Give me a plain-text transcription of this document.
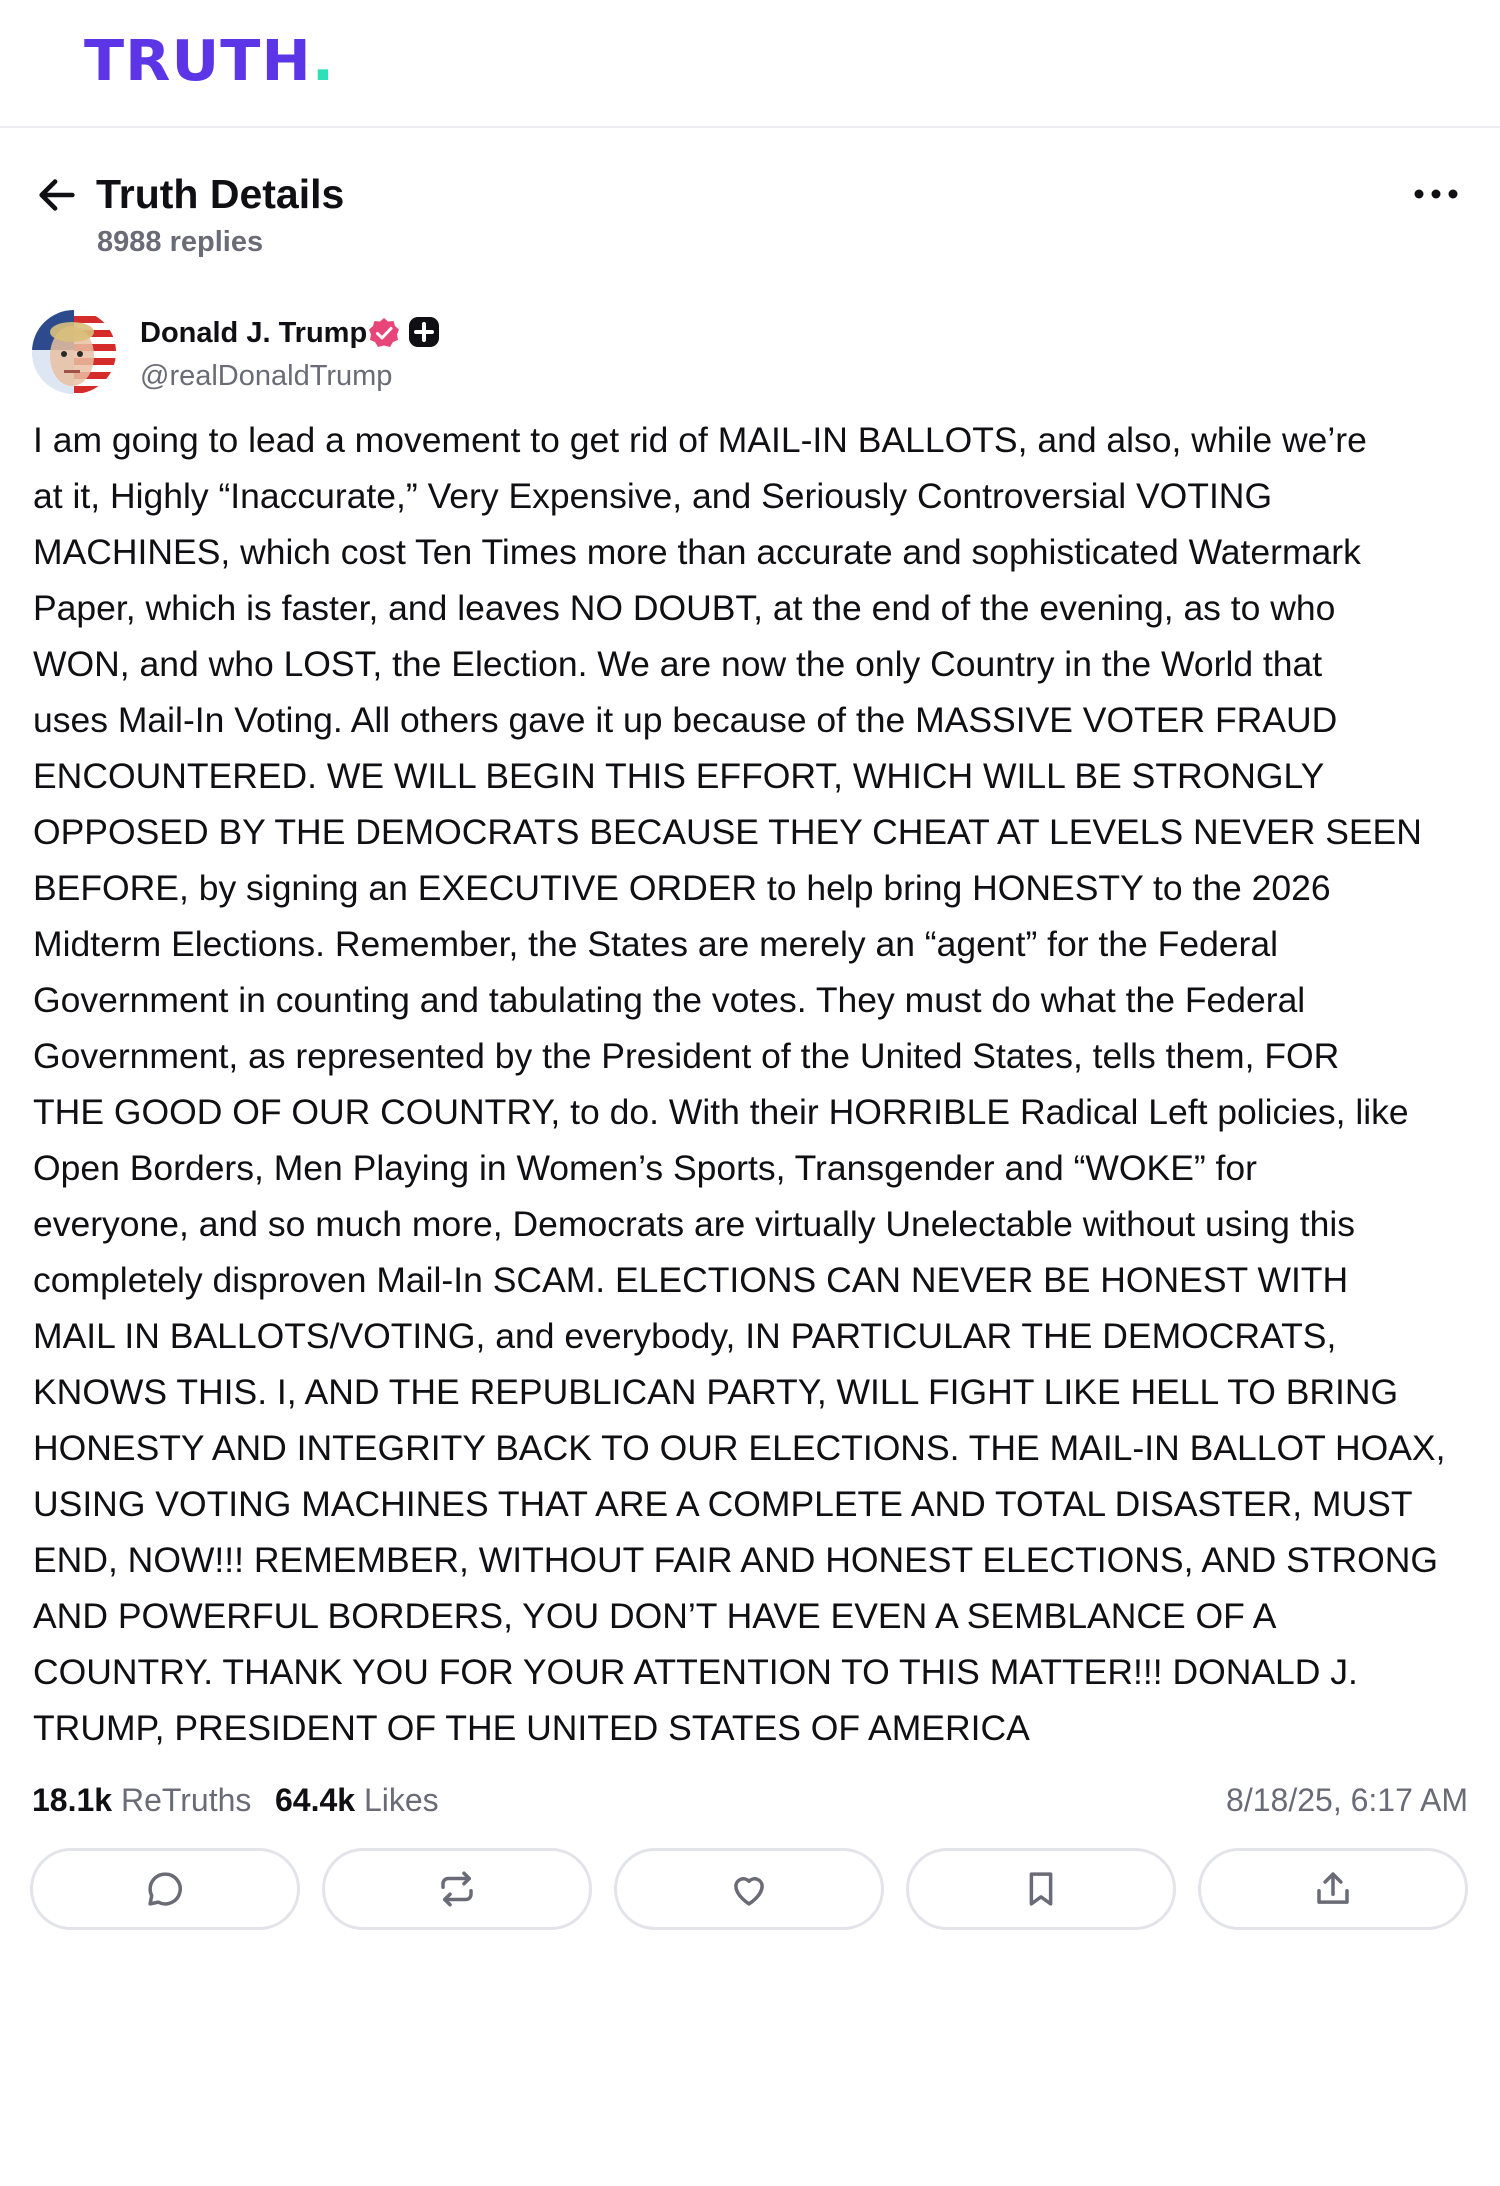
TRUTH.
Truth Details
8988 replies
Donald J. Trump
@realDonaldTrump
I am going to lead a movement to get rid of MAIL-IN BALLOTS, and also, while we’re
at it, Highly “Inaccurate,” Very Expensive, and Seriously Controversial VOTING
MACHINES, which cost Ten Times more than accurate and sophisticated Watermark
Paper, which is faster, and leaves NO DOUBT, at the end of the evening, as to who
WON, and who LOST, the Election. We are now the only Country in the World that
uses Mail-In Voting. All others gave it up because of the MASSIVE VOTER FRAUD
ENCOUNTERED. WE WILL BEGIN THIS EFFORT, WHICH WILL BE STRONGLY
OPPOSED BY THE DEMOCRATS BECAUSE THEY CHEAT AT LEVELS NEVER SEEN
BEFORE, by signing an EXECUTIVE ORDER to help bring HONESTY to the 2026
Midterm Elections. Remember, the States are merely an “agent” for the Federal
Government in counting and tabulating the votes. They must do what the Federal
Government, as represented by the President of the United States, tells them, FOR
THE GOOD OF OUR COUNTRY, to do. With their HORRIBLE Radical Left policies, like
Open Borders, Men Playing in Women’s Sports, Transgender and “WOKE” for
everyone, and so much more, Democrats are virtually Unelectable without using this
completely disproven Mail-In SCAM. ELECTIONS CAN NEVER BE HONEST WITH
MAIL IN BALLOTS/VOTING, and everybody, IN PARTICULAR THE DEMOCRATS,
KNOWS THIS. I, AND THE REPUBLICAN PARTY, WILL FIGHT LIKE HELL TO BRING
HONESTY AND INTEGRITY BACK TO OUR ELECTIONS. THE MAIL-IN BALLOT HOAX,
USING VOTING MACHINES THAT ARE A COMPLETE AND TOTAL DISASTER, MUST
END, NOW!!! REMEMBER, WITHOUT FAIR AND HONEST ELECTIONS, AND STRONG
AND POWERFUL BORDERS, YOU DON’T HAVE EVEN A SEMBLANCE OF A
COUNTRY. THANK YOU FOR YOUR ATTENTION TO THIS MATTER!!! DONALD J.
TRUMP, PRESIDENT OF THE UNITED STATES OF AMERICA
18.1k ReTruths 64.4k Likes	8/18/25, 6:17 AM
